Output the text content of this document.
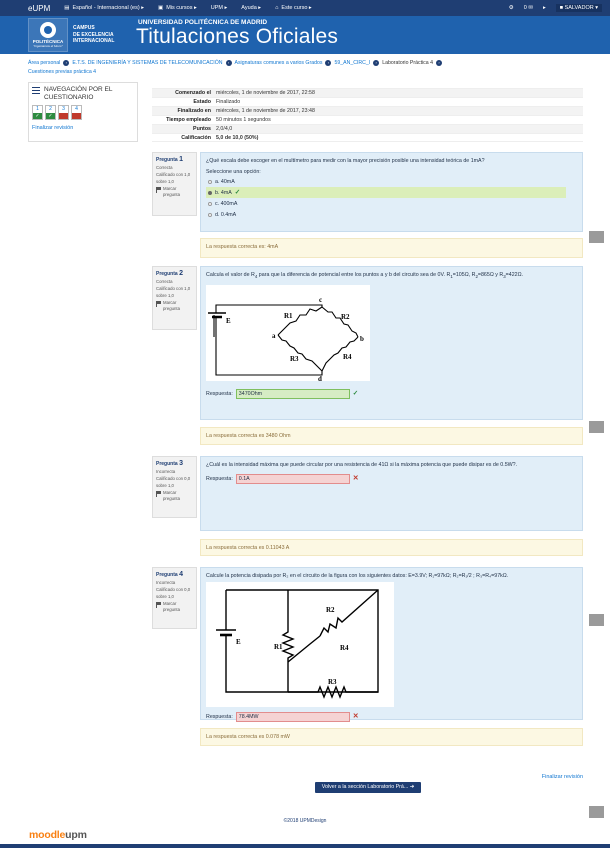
eUPM	▤ Español - Internacional (es) ▸	▣ Mis cursos ▸	UPM ▸	Ayuda ▸	⌂ Este curso ▸	⚙ 0 ✉ ▸	■ SALVADOR ▾
POLITÉCNICA
"Ingeniamos el futuro"
CAMPUS
DE EXCELENCIA
INTERNACIONAL
UNIVERSIDAD POLITÉCNICA DE MADRID
Titulaciones Oficiales
Área personal › E.T.S. DE INGENIERÍA Y SISTEMAS DE TELECOMUNICACIÓN › Asignaturas comunes a varios Grados › 59_AN_CIRC_I › Laboratorio Práctica 4 ›
Cuestiones previas práctica 4
NAVEGACIÓN POR EL
CUESTIONARIO
1
✓
2
✓
3	4
Finalizar revisión
Comenzado el miércoles, 1 de noviembre de 2017, 22:58
Estado Finalizado
Finalizado en miércoles, 1 de noviembre de 2017, 23:48
Tiempo empleado 50 minutos 1 segundos
Puntos 2,0/4,0
Calificación 5,0 de 10,0 (50%)
Pregunta 1
Correcta
Calificado con 1,0 sobre 1,0
Marcar pregunta
¿Qué escala debe escoger en el multímetro para medir con la mayor precisión posible una intensidad teórica de 1mA?
Seleccione una opción:
a. 40mA
b. 4mA ✓
c. 400mA
d. 0.4mA
La respuesta correcta es: 4mA
Pregunta 2
Correcta
Calificado con 1,0 sobre 1,0
Marcar pregunta
Calcula el valor de $R_4$ para que la diferencia de potencial entre los puntos a y b del circuito sea de 0V. $R_1=105\Omega$, $R_2=865\Omega$ y $R_3=422\Omega$.
E
R1	R2
R3	R4
a	b
c
d
Respuesta:	3470Ohm	✓
La respuesta correcta es 3480 Ohm
Pregunta 3
Incorrecta
Calificado con 0,0 sobre 1,0
Marcar pregunta
¿Cuál es la intensidad máxima que puede circular por una resistencia de 41Ω si la máxima potencia que puede disipar es de 0.5W?.
Respuesta:	0.1A	✕
La respuesta correcta es 0.11043 A
Pregunta 4
Incorrecta
Calificado con 0,0 sobre 1,0
Marcar pregunta
Calcule la potencia disipada por R₂ en el circuito de la figura con los siguientes datos: E=3.9V; R₁=97kΩ; R₂=R₁/2 ; R₃=R₄=97kΩ.
E
R1
R2
R3
R4
Respuesta:	78.4MW	✕
La respuesta correcta es 0.078 mW
Finalizar revisión
Volver a la sección Laboratorio Prá... ➜
©2018 UPMDesign
moodleupm
